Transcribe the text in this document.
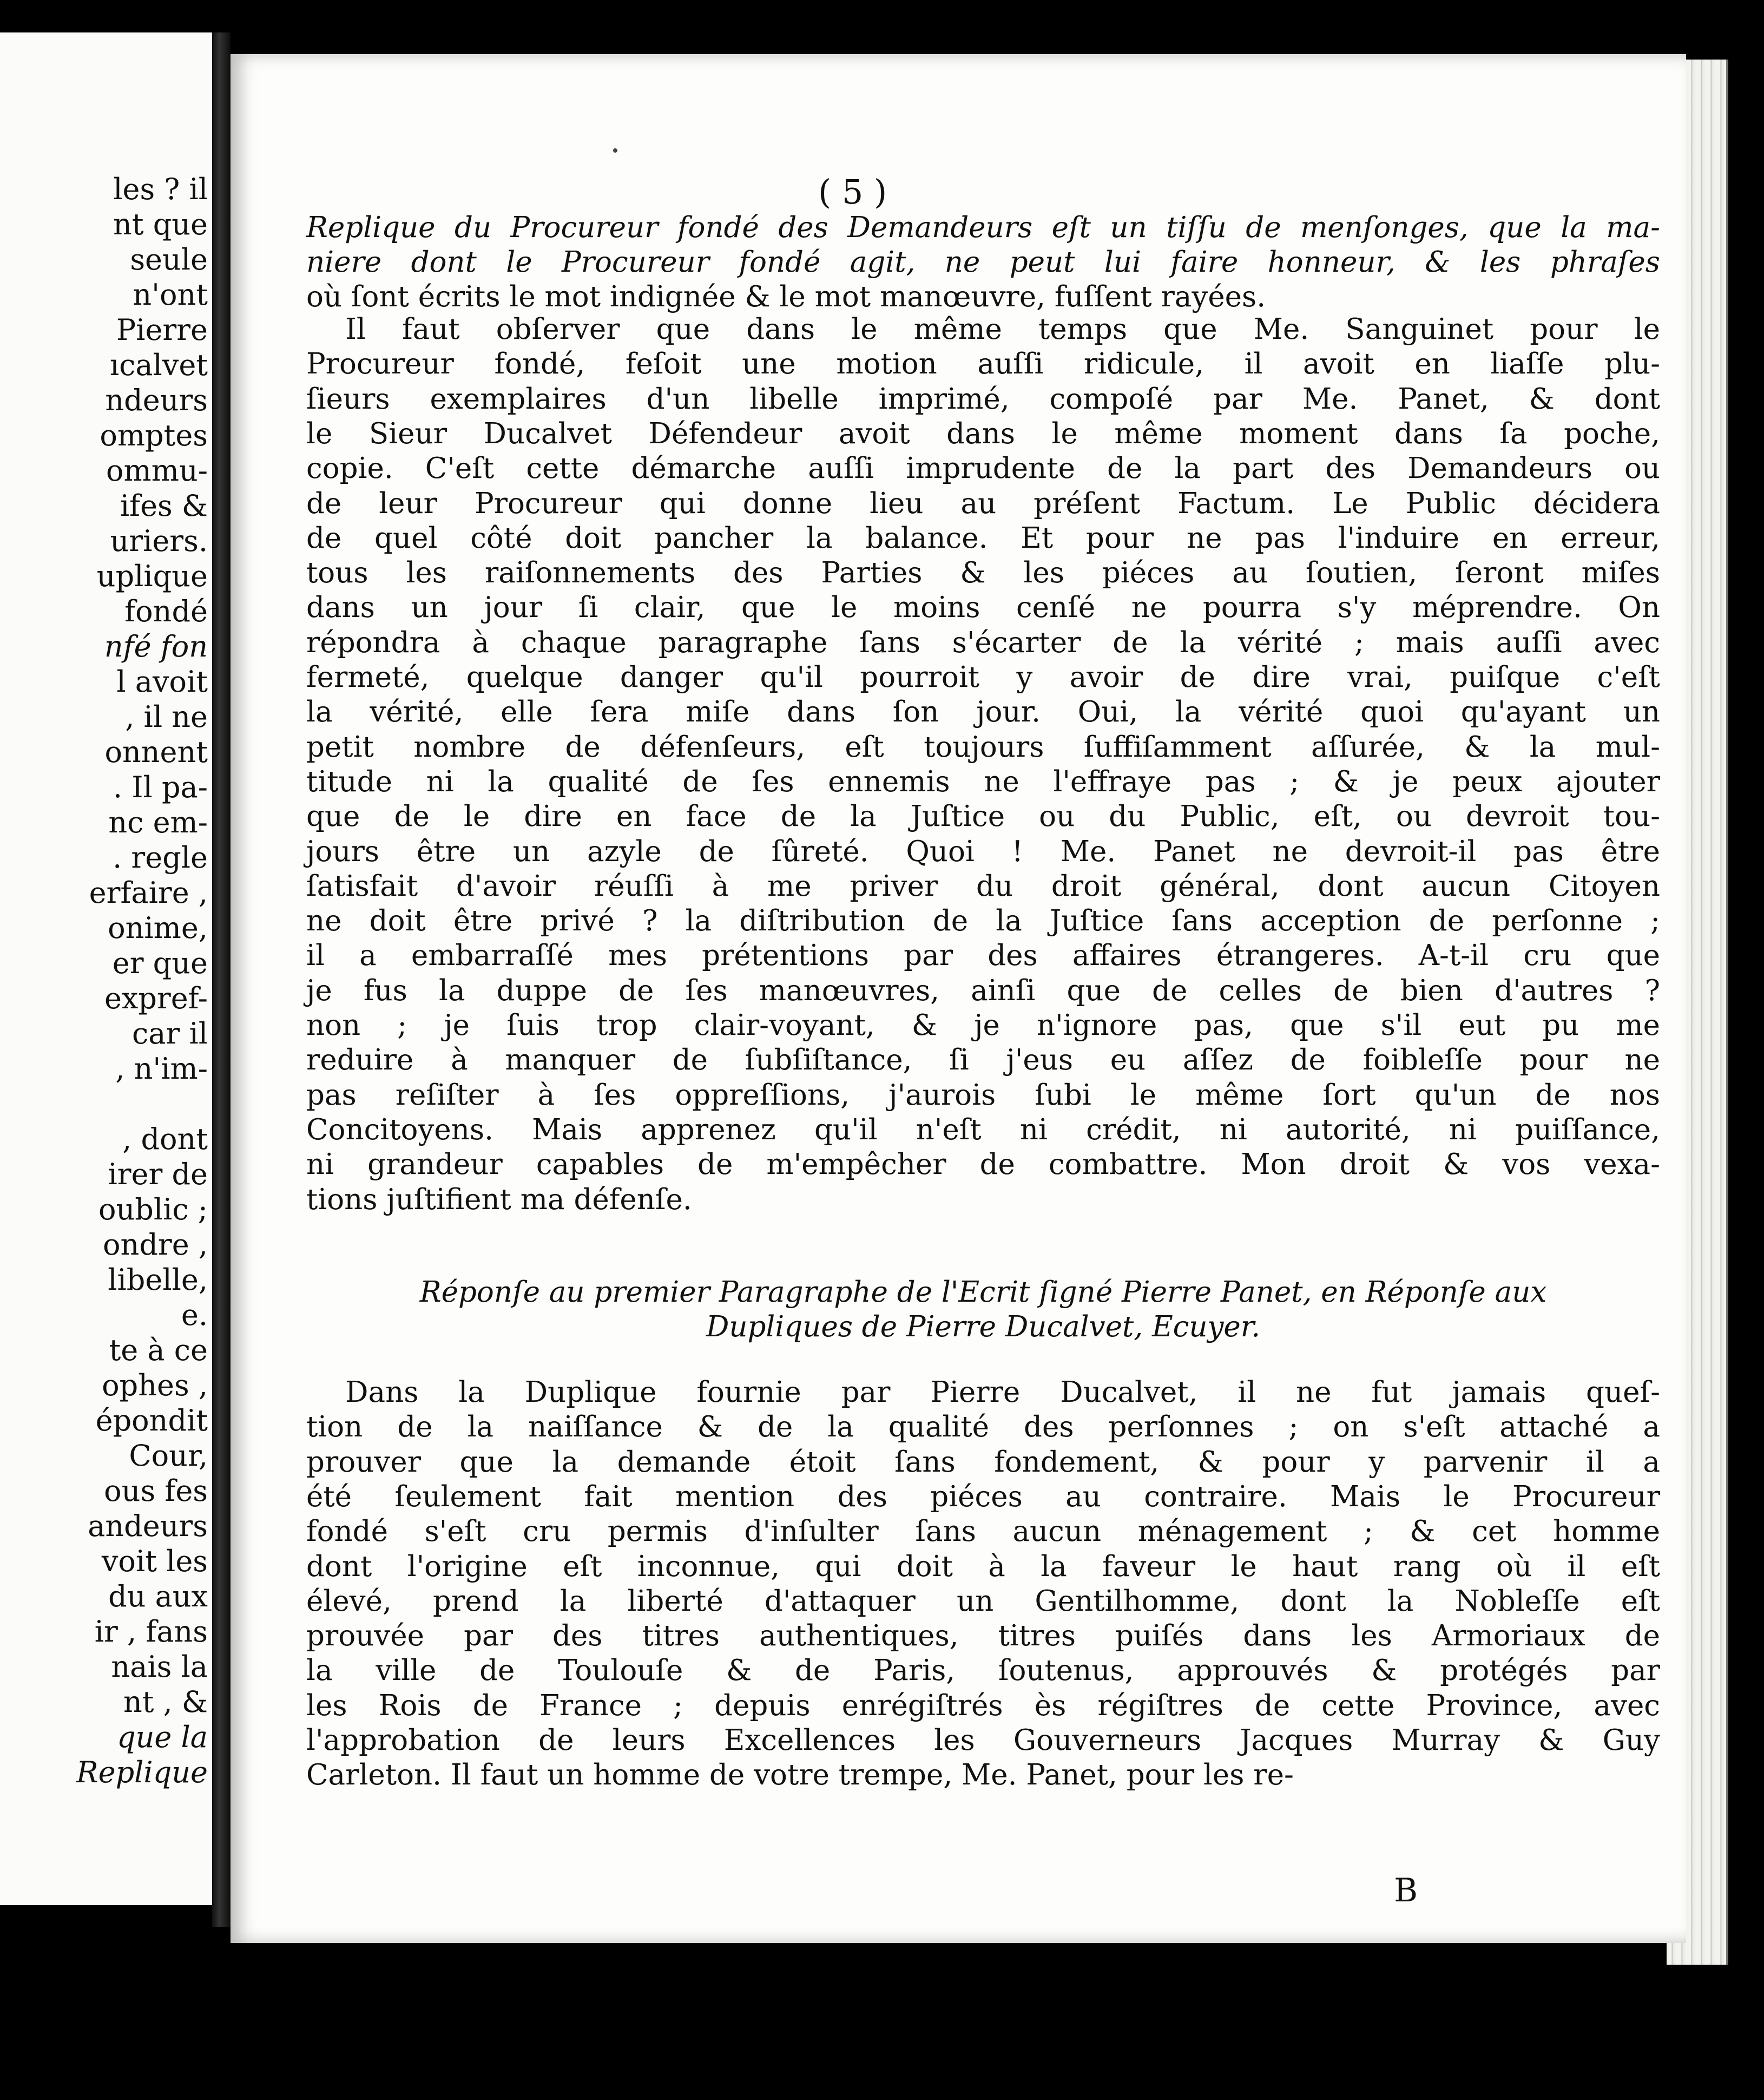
les ? il
nt que
seule
n'ont
Pierre
ıcalvet
ndeurs
omptes
ommu-
ifes &
uriers.
uplique
fondé
nfé fon
l avoit
, il ne
onnent
. Il pa-
nc em-
. regle
erfaire ,
onime,
er que
expref-
car il
, n'im-
, dont
irer de
oublic ;
ondre ,
libelle,
e.
te à ce
ophes ,
épondit
Cour,
ous fes
andeurs
voit les
du aux
ir , fans
nais la
nt , &
que la
Replique
( 5 )
B
Replique du Procureur fondé des Demandeurs eſt un tiſſu de menſonges, que la ma-
niere dont le Procureur fondé agit, ne peut lui faire honneur, & les phraſes
où ſont écrits le mot indignée & le mot manœuvre, fuſſent rayées.
Il faut obſerver que dans le même temps que Me. Sanguinet pour le
Procureur fondé, feſoit une motion auſſi ridicule, il avoit en liaſſe plu-
ſieurs exemplaires d'un libelle imprimé, compoſé par Me. Panet, & dont
le Sieur Ducalvet Défendeur avoit dans le même moment dans ſa poche,
copie. C'eſt cette démarche auſſi imprudente de la part des Demandeurs ou
de leur Procureur qui donne lieu au préſent Factum. Le Public décidera
de quel côté doit pancher la balance. Et pour ne pas l'induire en erreur,
tous les raiſonnements des Parties & les piéces au ſoutien, ſeront miſes
dans un jour ſi clair, que le moins cenſé ne pourra s'y méprendre. On
répondra à chaque paragraphe ſans s'écarter de la vérité ; mais auſſi avec
fermeté, quelque danger qu'il pourroit y avoir de dire vrai, puiſque c'eſt
la vérité, elle ſera miſe dans ſon jour. Oui, la vérité quoi qu'ayant un
petit nombre de défenſeurs, eſt toujours ſuffiſamment aſſurée, & la mul-
titude ni la qualité de ſes ennemis ne l'effraye pas ; & je peux ajouter
que de le dire en face de la Juſtice ou du Public, eſt, ou devroit tou-
jours être un azyle de ſûreté. Quoi ! Me. Panet ne devroit-il pas être
ſatisfait d'avoir réuſſi à me priver du droit général, dont aucun Citoyen
ne doit être privé ? la diſtribution de la Juſtice ſans acception de perſonne ;
il a embarraſſé mes prétentions par des affaires étrangeres. A-t-il cru que
je fus la duppe de ſes manœuvres, ainſi que de celles de bien d'autres ?
non ; je ſuis trop clair-voyant, & je n'ignore pas, que s'il eut pu me
reduire à manquer de ſubſiſtance, ſi j'eus eu aſſez de foibleſſe pour ne
pas reſiſter à ſes oppreſſions, j'aurois ſubi le même ſort qu'un de nos
Concitoyens. Mais apprenez qu'il n'eſt ni crédit, ni autorité, ni puiſſance,
ni grandeur capables de m'empêcher de combattre. Mon droit & vos vexa-
tions juſtifient ma défenſe.
Réponſe au premier Paragraphe de l'Ecrit ſigné Pierre Panet, en Réponſe aux
Dupliques de Pierre Ducalvet, Ecuyer.
Dans la Duplique fournie par Pierre Ducalvet, il ne fut jamais queſ-
tion de la naiſſance & de la qualité des perſonnes ; on s'eſt attaché a
prouver que la demande étoit ſans fondement, & pour y parvenir il a
été ſeulement fait mention des piéces au contraire. Mais le Procureur
fondé s'eſt cru permis d'inſulter ſans aucun ménagement ; & cet homme
dont l'origine eſt inconnue, qui doit à la faveur le haut rang où il eſt
élevé, prend la liberté d'attaquer un Gentilhomme, dont la Nobleſſe eſt
prouvée par des titres authentiques, titres puiſés dans les Armoriaux de
la ville de Toulouſe & de Paris, ſoutenus, approuvés & protégés par
les Rois de France ; depuis enrégiſtrés ès régiſtres de cette Province, avec
l'approbation de leurs Excellences les Gouverneurs Jacques Murray & Guy
Carleton. Il faut un homme de votre trempe, Me. Panet, pour les re-
